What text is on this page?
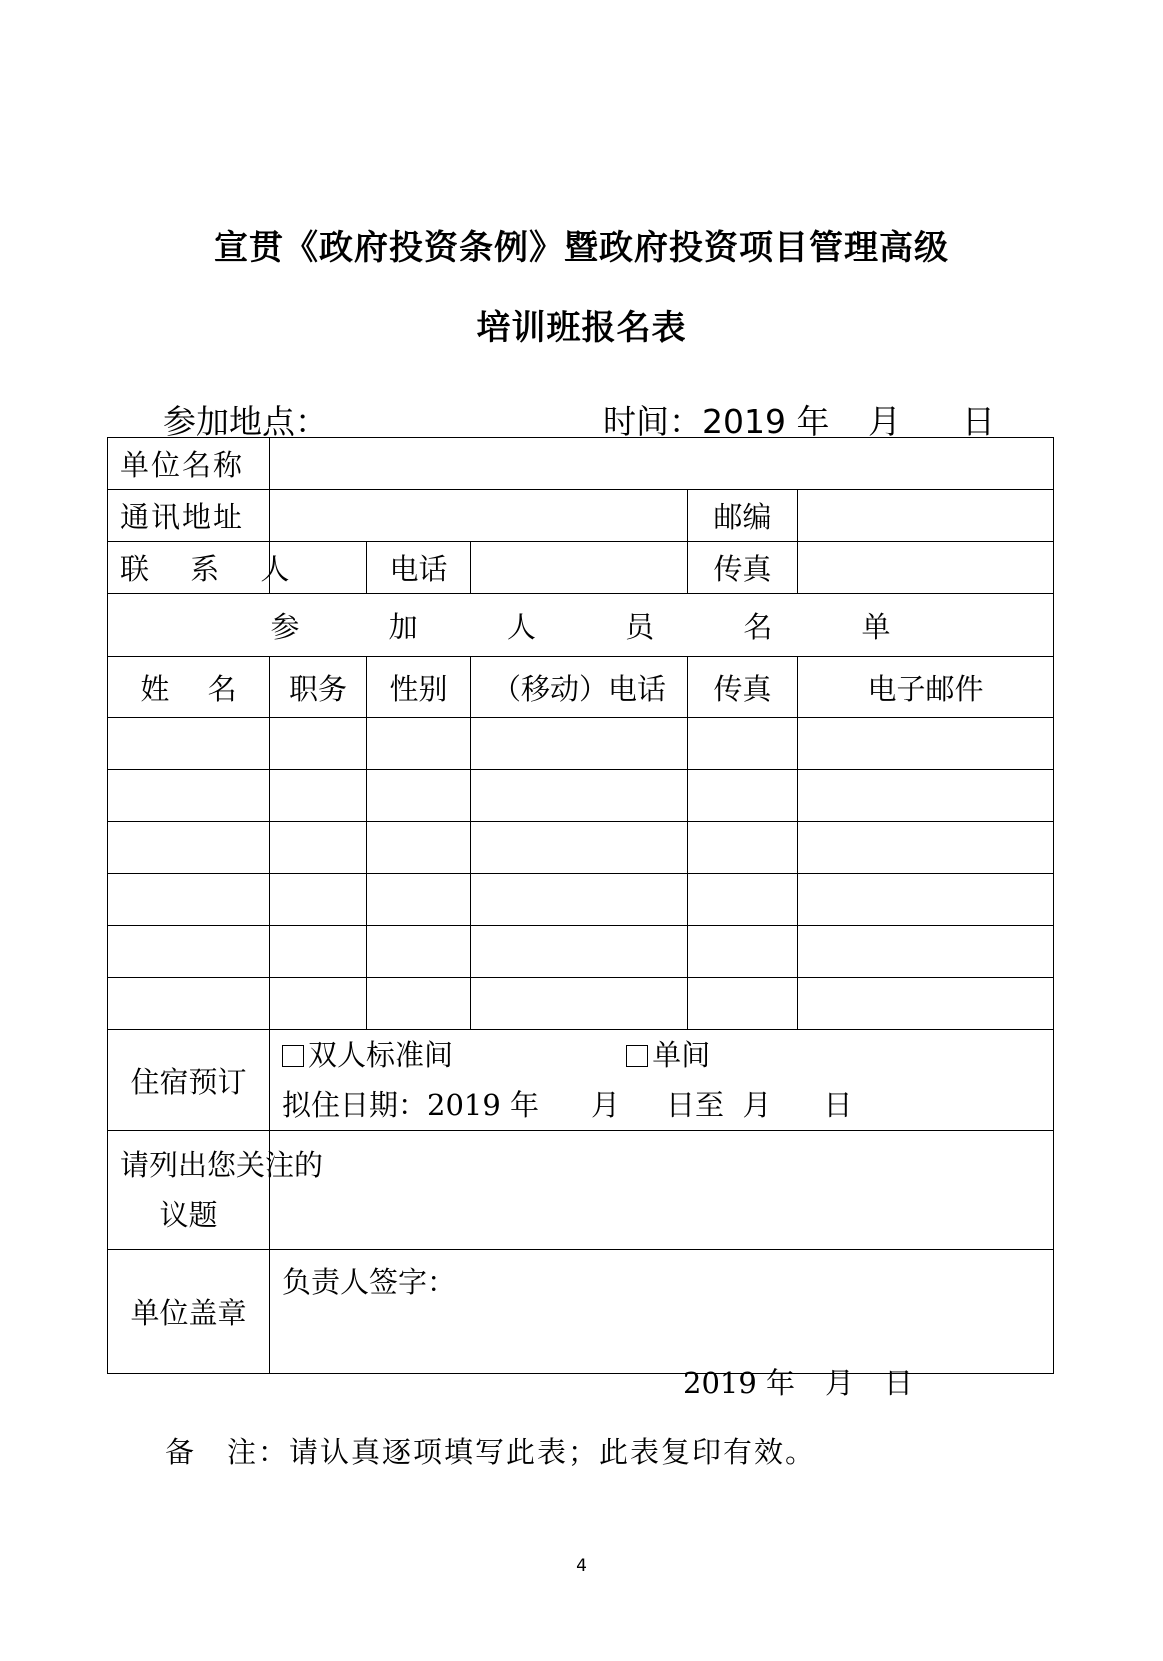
宣贯《政府投资条例》暨政府投资项目管理高级
培训班报名表
参加地点：	时间：2019 年 月 日
单位名称					
通讯地址				邮编	
联 系 人		电话		传真	
参 加 人 员 名 单					
姓　 名	职务	性别	（移动）电话	传真	电子邮件

住宿预订	双人标准间 单间
拟住日期：2019 年 月 日至 月 日				

请列出您关注的
议题					

单位盖章	负责人签字：				
2019 年 月 日
备　注：请认真逐项填写此表；此表复印有效。
4
